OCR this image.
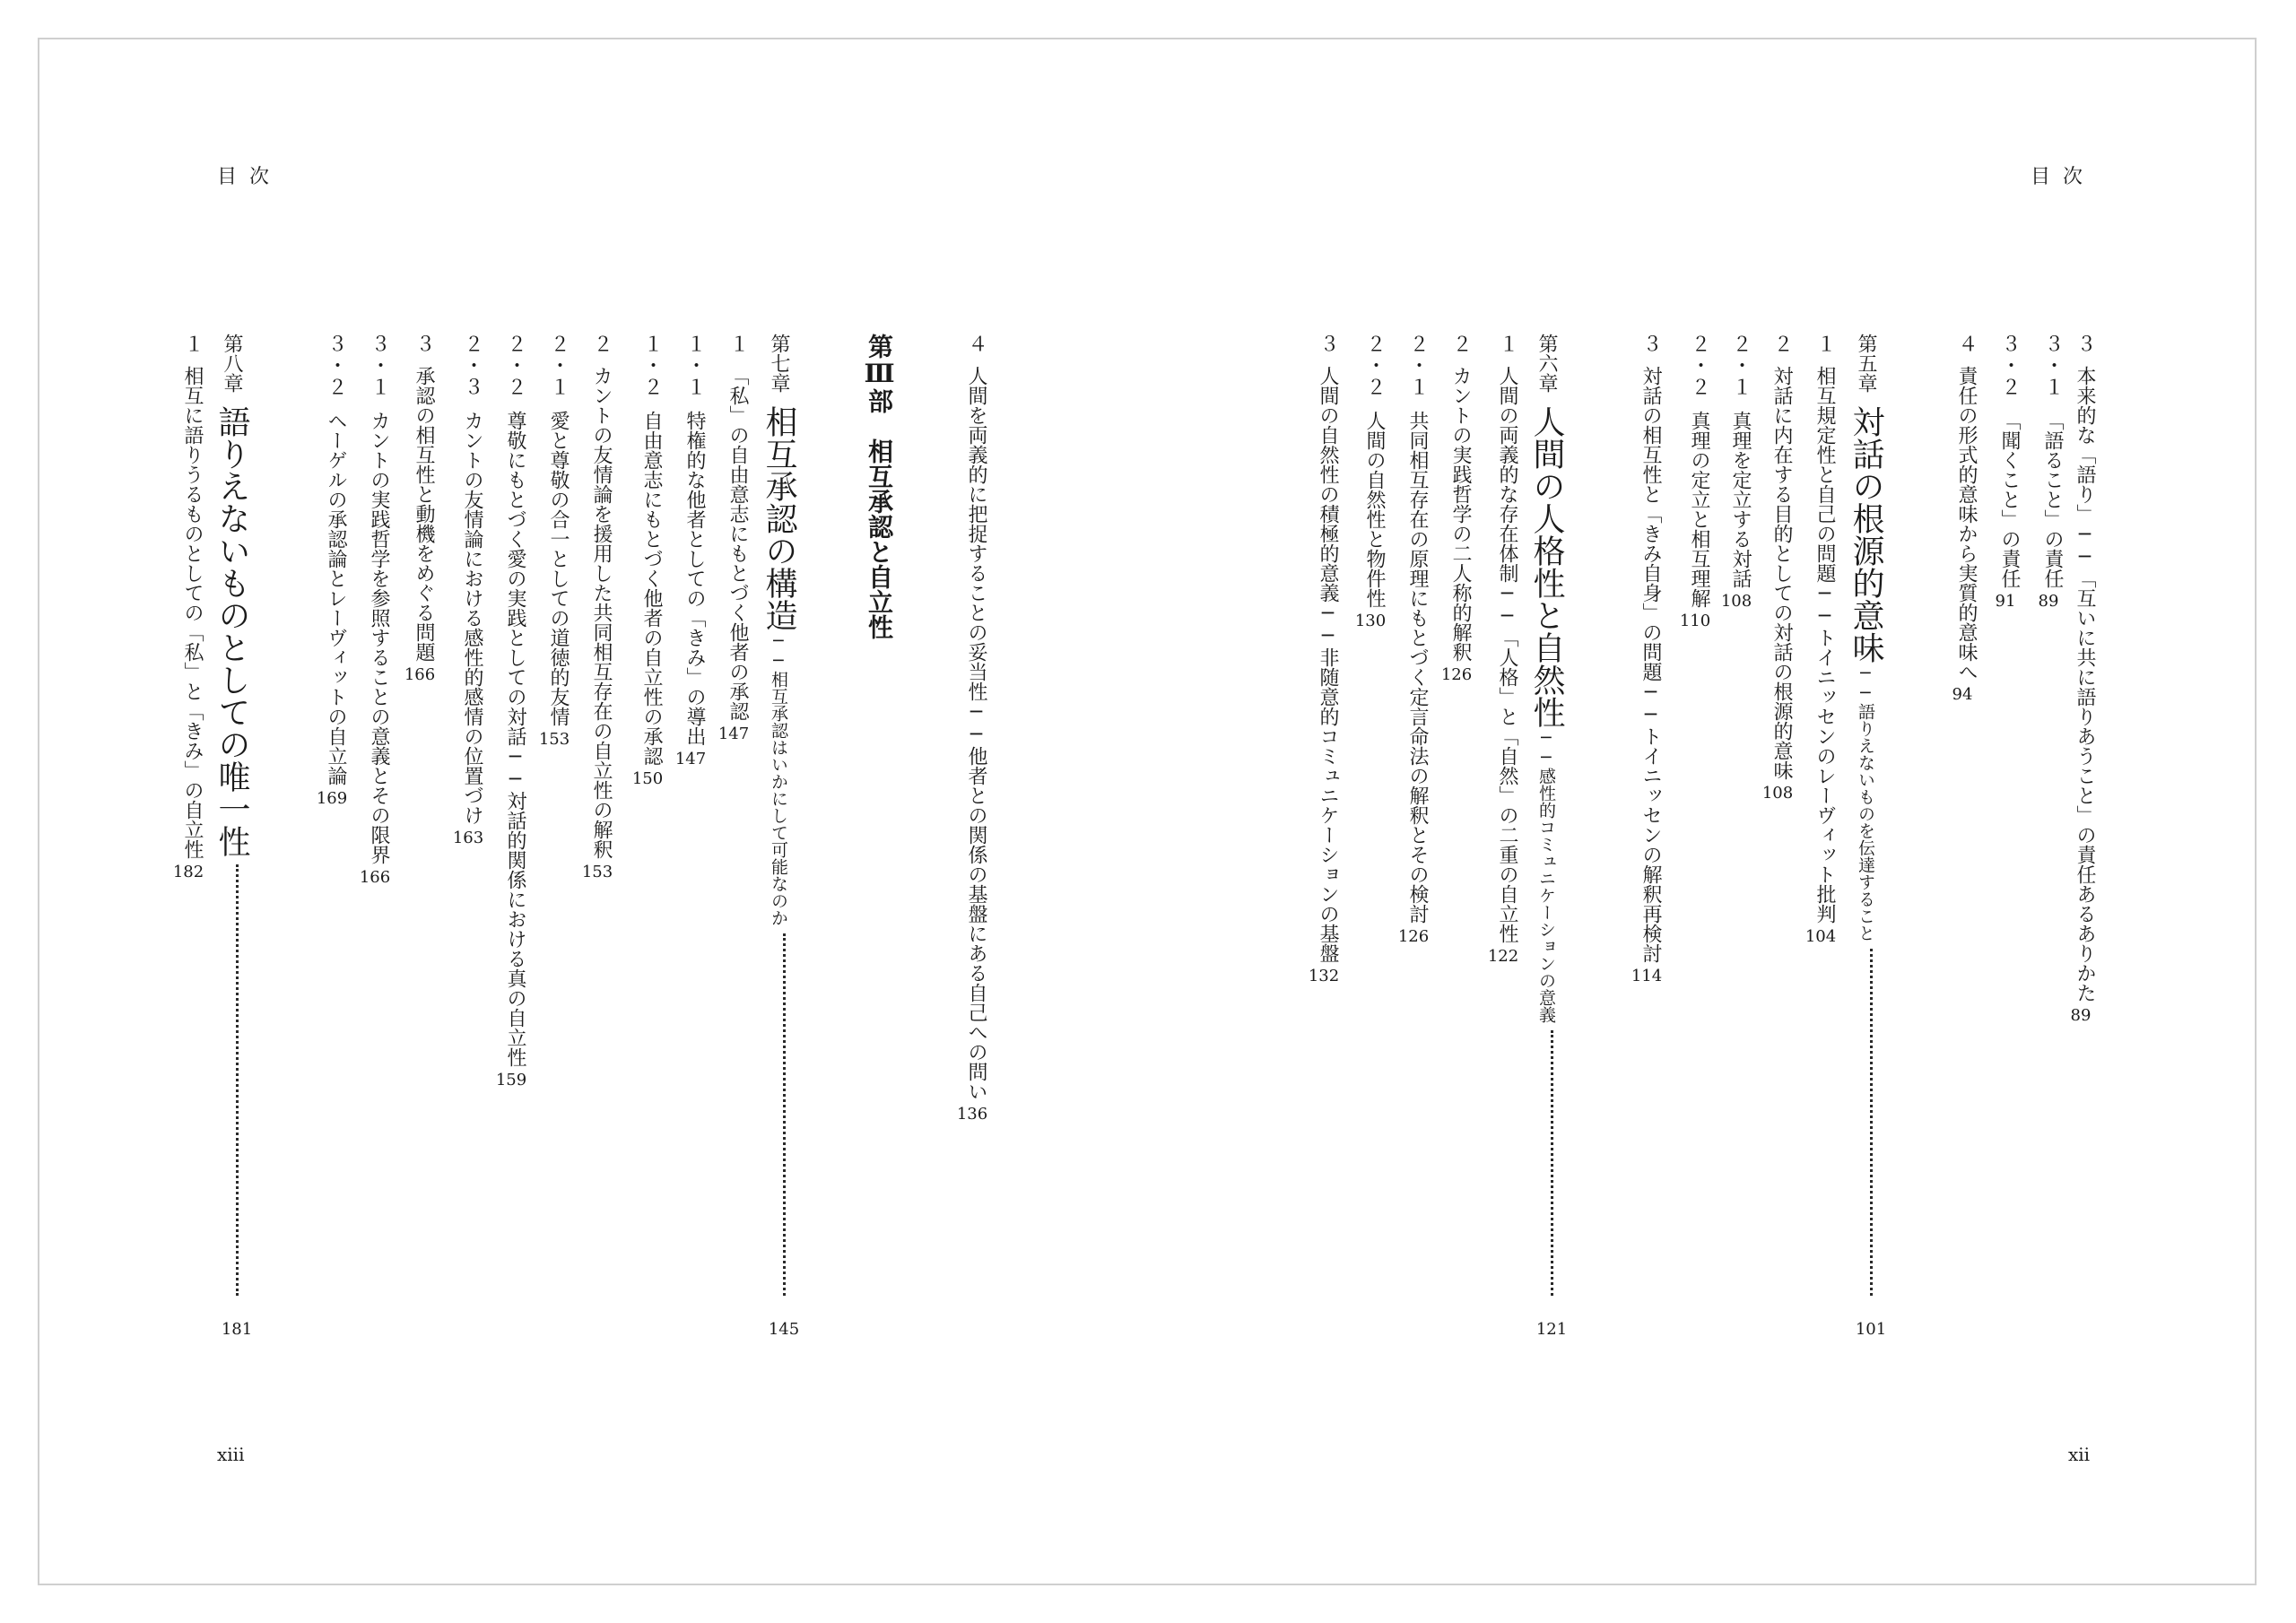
目次	目次
xiii	xii
３本来的な「語り」──「互いに共に語りあうこと」の責任あるありかた
89
３・１「語ること」の責任
89
３・２「聞くこと」の責任
91
４責任の形式的意味から実質的意味へ
94
第五章対話の根源的意味──語りえないものを伝達すること
101
１相互規定性と自己の問題──トイニッセンのレーヴィット批判
104
２対話に内在する目的としての対話の根源的意味
108
２・１真理を定立する対話
108
２・２真理の定立と相互理解
110
３対話の相互性と「きみ自身」の問題──トイニッセンの解釈再検討
114
第六章人間の人格性と自然性──感性的コミュニケーションの意義
121
１人間の両義的な存在体制──「人格」と「自然」の二重の自立性
122
２カントの実践哲学の二人称的解釈
126
２・１共同相互存在の原理にもとづく定言命法の解釈とその検討
126
２・２人間の自然性と物件性
130
３人間の自然性の積極的意義──非随意的コミュニケーションの基盤
132
４人間を両義的に把捉することの妥当性──他者との関係の基盤にある自己への問い
136
第Ⅲ部　相互承認と自立性
第七章相互承認の構造──相互承認はいかにして可能なのか
145
１「私」の自由意志にもとづく他者の承認
147
１・１特権的な他者としての「きみ」の導出
147
１・２自由意志にもとづく他者の自立性の承認
150
２カントの友情論を援用した共同相互存在の自立性の解釈
153
２・１愛と尊敬の合一としての道徳的友情
153
２・２尊敬にもとづく愛の実践としての対話──対話的関係における真の自立性
159
２・３カントの友情論における感性的感情の位置づけ
163
３承認の相互性と動機をめぐる問題
166
３・１カントの実践哲学を参照することの意義とその限界
166
３・２ヘーゲルの承認論とレーヴィットの自立論
169
第八章語りえないものとしての唯一性
181
１相互に語りうるものとしての「私」と「きみ」の自立性
182
